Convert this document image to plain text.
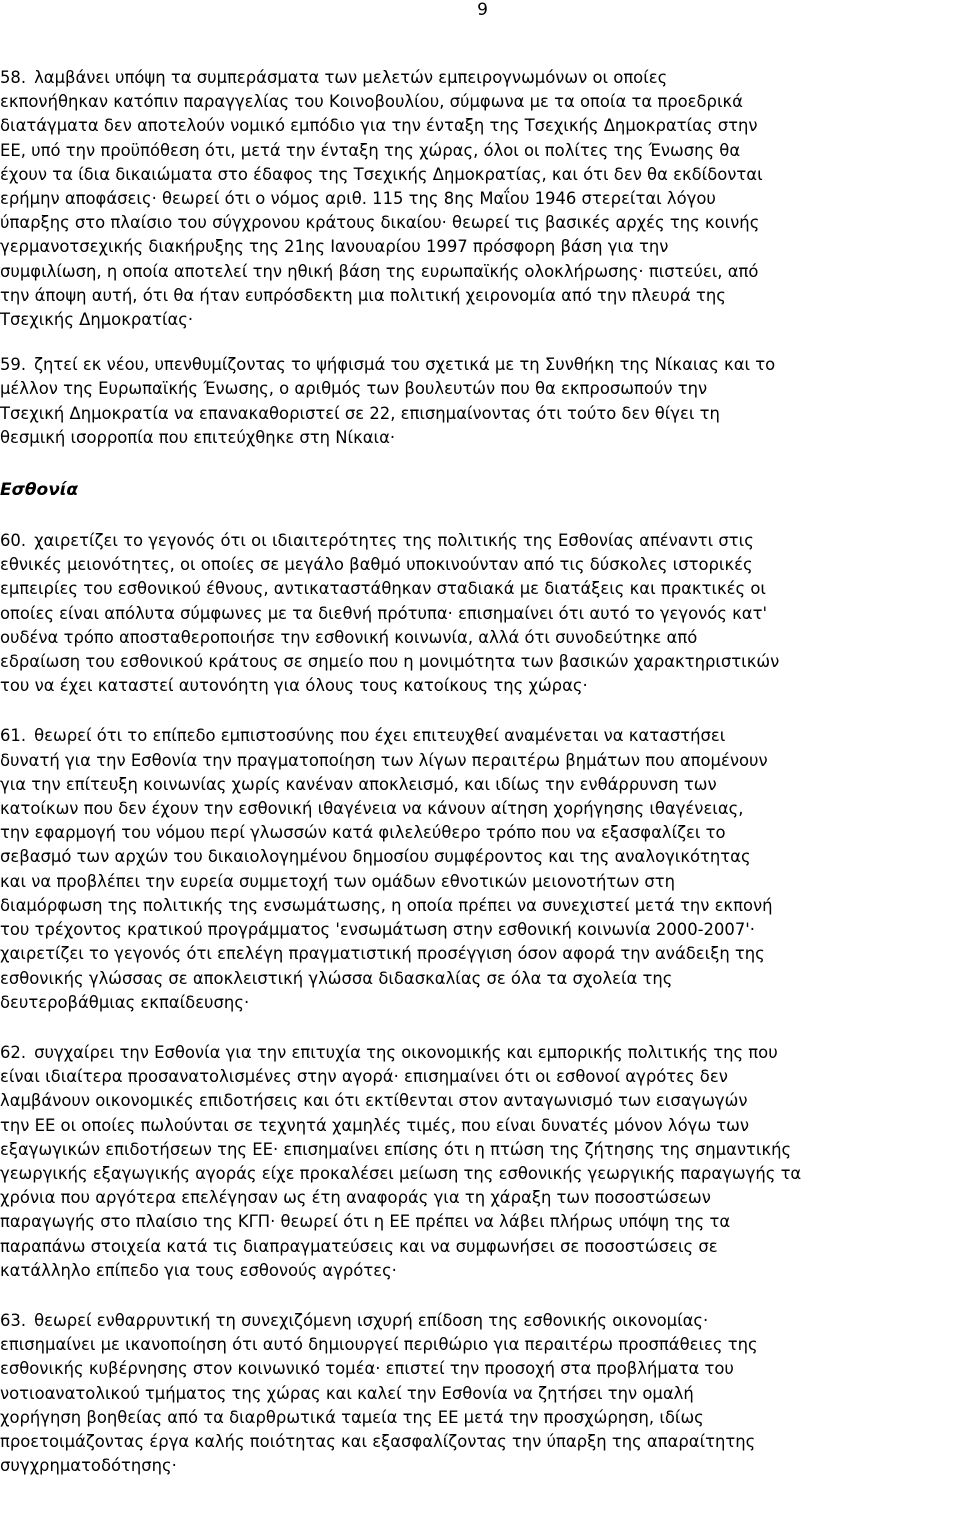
9
58. λαμβάνει υπόψη τα συμπεράσματα των μελετών εμπειρογνωμόνων οι οποίες
εκπονήθηκαν κατόπιν παραγγελίας του Κοινοβουλίου, σύμφωνα με τα οποία τα προεδρικά
διατάγματα δεν αποτελούν νομικό εμπόδιο για την ένταξη της Τσεχικής Δημοκρατίας στην
ΕΕ, υπό την προϋπόθεση ότι, μετά την ένταξη της χώρας, όλοι οι πολίτες της Ένωσης θα
έχουν τα ίδια δικαιώματα στο έδαφος της Τσεχικής Δημοκρατίας, και ότι δεν θα εκδίδονται
ερήμην αποφάσεις· θεωρεί ότι ο νόμος αριθ. 115 της 8ης Μαΐου 1946 στερείται λόγου
ύπαρξης στο πλαίσιο του σύγχρονου κράτους δικαίου· θεωρεί τις βασικές αρχές της κοινής
γερμανοτσεχικής διακήρυξης της 21ης Ιανουαρίου 1997 πρόσφορη βάση για την
συμφιλίωση, η οποία αποτελεί την ηθική βάση της ευρωπαϊκής ολοκλήρωσης· πιστεύει, από
την άποψη αυτή, ότι θα ήταν ευπρόσδεκτη μια πολιτική χειρονομία από την πλευρά της
Τσεχικής Δημοκρατίας·
59. ζητεί εκ νέου, υπενθυμίζοντας το ψήφισμά του σχετικά με τη Συνθήκη της Νίκαιας και το
μέλλον της Ευρωπαϊκής Ένωσης, ο αριθμός των βουλευτών που θα εκπροσωπούν την
Τσεχική Δημοκρατία να επανακαθοριστεί σε 22, επισημαίνοντας ότι τούτο δεν θίγει τη
θεσμική ισορροπία που επιτεύχθηκε στη Νίκαια·
Εσθονία
60. χαιρετίζει το γεγονός ότι οι ιδιαιτερότητες της πολιτικής της Εσθονίας απέναντι στις
εθνικές μειονότητες, οι οποίες σε μεγάλο βαθμό υποκινούνταν από τις δύσκολες ιστορικές
εμπειρίες του εσθονικού έθνους, αντικαταστάθηκαν σταδιακά με διατάξεις και πρακτικές οι
οποίες είναι απόλυτα σύμφωνες με τα διεθνή πρότυπα· επισημαίνει ότι αυτό το γεγονός κατ'
ουδένα τρόπο αποσταθεροποιήσε την εσθονική κοινωνία, αλλά ότι συνοδεύτηκε από
εδραίωση του εσθονικού κράτους σε σημείο που η μονιμότητα των βασικών χαρακτηριστικών
του να έχει καταστεί αυτονόητη για όλους τους κατοίκους της χώρας·
61. θεωρεί ότι το επίπεδο εμπιστοσύνης που έχει επιτευχθεί αναμένεται να καταστήσει
δυνατή για την Εσθονία την πραγματοποίηση των λίγων περαιτέρω βημάτων που απομένουν
για την επίτευξη κοινωνίας χωρίς κανέναν αποκλεισμό, και ιδίως την ενθάρρυνση των
κατοίκων που δεν έχουν την εσθονική ιθαγένεια να κάνουν αίτηση χορήγησης ιθαγένειας,
την εφαρμογή του νόμου περί γλωσσών κατά φιλελεύθερο τρόπο που να εξασφαλίζει το
σεβασμό των αρχών του δικαιολογημένου δημοσίου συμφέροντος και της αναλογικότητας
και να προβλέπει την ευρεία συμμετοχή των ομάδων εθνοτικών μειονοτήτων στη
διαμόρφωση της πολιτικής της ενσωμάτωσης, η οποία πρέπει να συνεχιστεί μετά την εκπονή
του τρέχοντος κρατικού προγράμματος 'ενσωμάτωση στην εσθονική κοινωνία 2000-2007'·
χαιρετίζει το γεγονός ότι επελέγη πραγματιστική προσέγγιση όσον αφορά την ανάδειξη της
εσθονικής γλώσσας σε αποκλειστική γλώσσα διδασκαλίας σε όλα τα σχολεία της
δευτεροβάθμιας εκπαίδευσης·
62. συγχαίρει την Εσθονία για την επιτυχία της οικονομικής και εμπορικής πολιτικής της που
είναι ιδιαίτερα προσανατολισμένες στην αγορά· επισημαίνει ότι οι εσθονοί αγρότες δεν
λαμβάνουν οικονομικές επιδοτήσεις και ότι εκτίθενται στον ανταγωνισμό των εισαγωγών
την ΕΕ οι οποίες πωλούνται σε τεχνητά χαμηλές τιμές, που είναι δυνατές μόνον λόγω των
εξαγωγικών επιδοτήσεων της ΕΕ· επισημαίνει επίσης ότι η πτώση της ζήτησης της σημαντικής
γεωργικής εξαγωγικής αγοράς είχε προκαλέσει μείωση της εσθονικής γεωργικής παραγωγής τα
χρόνια που αργότερα επελέγησαν ως έτη αναφοράς για τη χάραξη των ποσοστώσεων
παραγωγής στο πλαίσιο της ΚΓΠ· θεωρεί ότι η ΕΕ πρέπει να λάβει πλήρως υπόψη της τα
παραπάνω στοιχεία κατά τις διαπραγματεύσεις και να συμφωνήσει σε ποσοστώσεις σε
κατάλληλο επίπεδο για τους εσθονούς αγρότες·
63. θεωρεί ενθαρρυντική τη συνεχιζόμενη ισχυρή επίδοση της εσθονικής οικονομίας·
επισημαίνει με ικανοποίηση ότι αυτό δημιουργεί περιθώριο για περαιτέρω προσπάθειες της
εσθονικής κυβέρνησης στον κοινωνικό τομέα· επιστεί την προσοχή στα προβλήματα του
νοτιοανατολικού τμήματος της χώρας και καλεί την Εσθονία να ζητήσει την ομαλή
χορήγηση βοηθείας από τα διαρθρωτικά ταμεία της ΕΕ μετά την προσχώρηση, ιδίως
προετοιμάζοντας έργα καλής ποιότητας και εξασφαλίζοντας την ύπαρξη της απαραίτητης
συγχρηματοδότησης·
